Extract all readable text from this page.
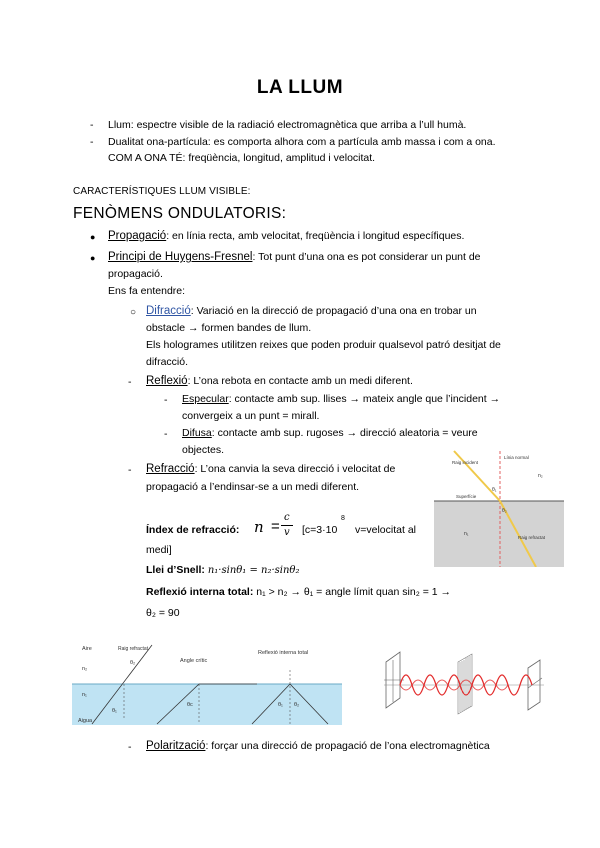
LA LLUM
- Llum: espectre visible de la radiació electromagnètica que arriba a l’ull humà.
- Dualitat ona-partícula: es comporta alhora com a partícula amb massa i com a ona.
COM A ONA TÉ: freqüència, longitud, amplitud i velocitat.
CARACTERÍSTIQUES LLUM VISIBLE:
FENÒMENS ONDULATORIS:
● Propagació: en línia recta, amb velocitat, freqüència i longitud específiques.
● Principi de Huygens-Fresnel: Tot punt d’una ona es pot considerar un punt de
propagació.
Ens fa entendre:
○ Difracció: Variació en la direcció de propagació d’una ona en trobar un
obstacle → formen bandes de llum.
Els hologrames utilitzen reixes que poden produir qualsevol patró desitjat de
difracció.
- Reflexió: L’ona rebota en contacte amb un medi diferent.
- Especular: contacte amb sup. llises → mateix angle que l’incident →
convergeix a un punt = mirall.
- Difusa: contacte amb sup. rugoses → direcció aleatoria = veure
objectes.
- Refracció: L’ona canvia la seva direcció i velocitat de
propagació a l’endinsar-se a un medi diferent.
Índex de refracció: n =
c
v [c=3·10
8
v=velocitat al
medi]
Llei d’Snell: n₁·sinθ₁ = n₂·sinθ₂
Reflexió interna total: n₁ > n₂ → θ₁ = angle límit quan sin₂ = 1 →
θ₂ = 90
Raig incident
Línia normal
n₂
Superfície
n₁
Raig refractat
θ₁
θ₂
Aire
n₂
n₁
Aigua
Raig refractat
Angle crític
Reflexió interna total
θ₂
θ₁
θc	θ₁ θ₂
- Polarització: forçar una direcció de propagació de l’ona electromagnètica
